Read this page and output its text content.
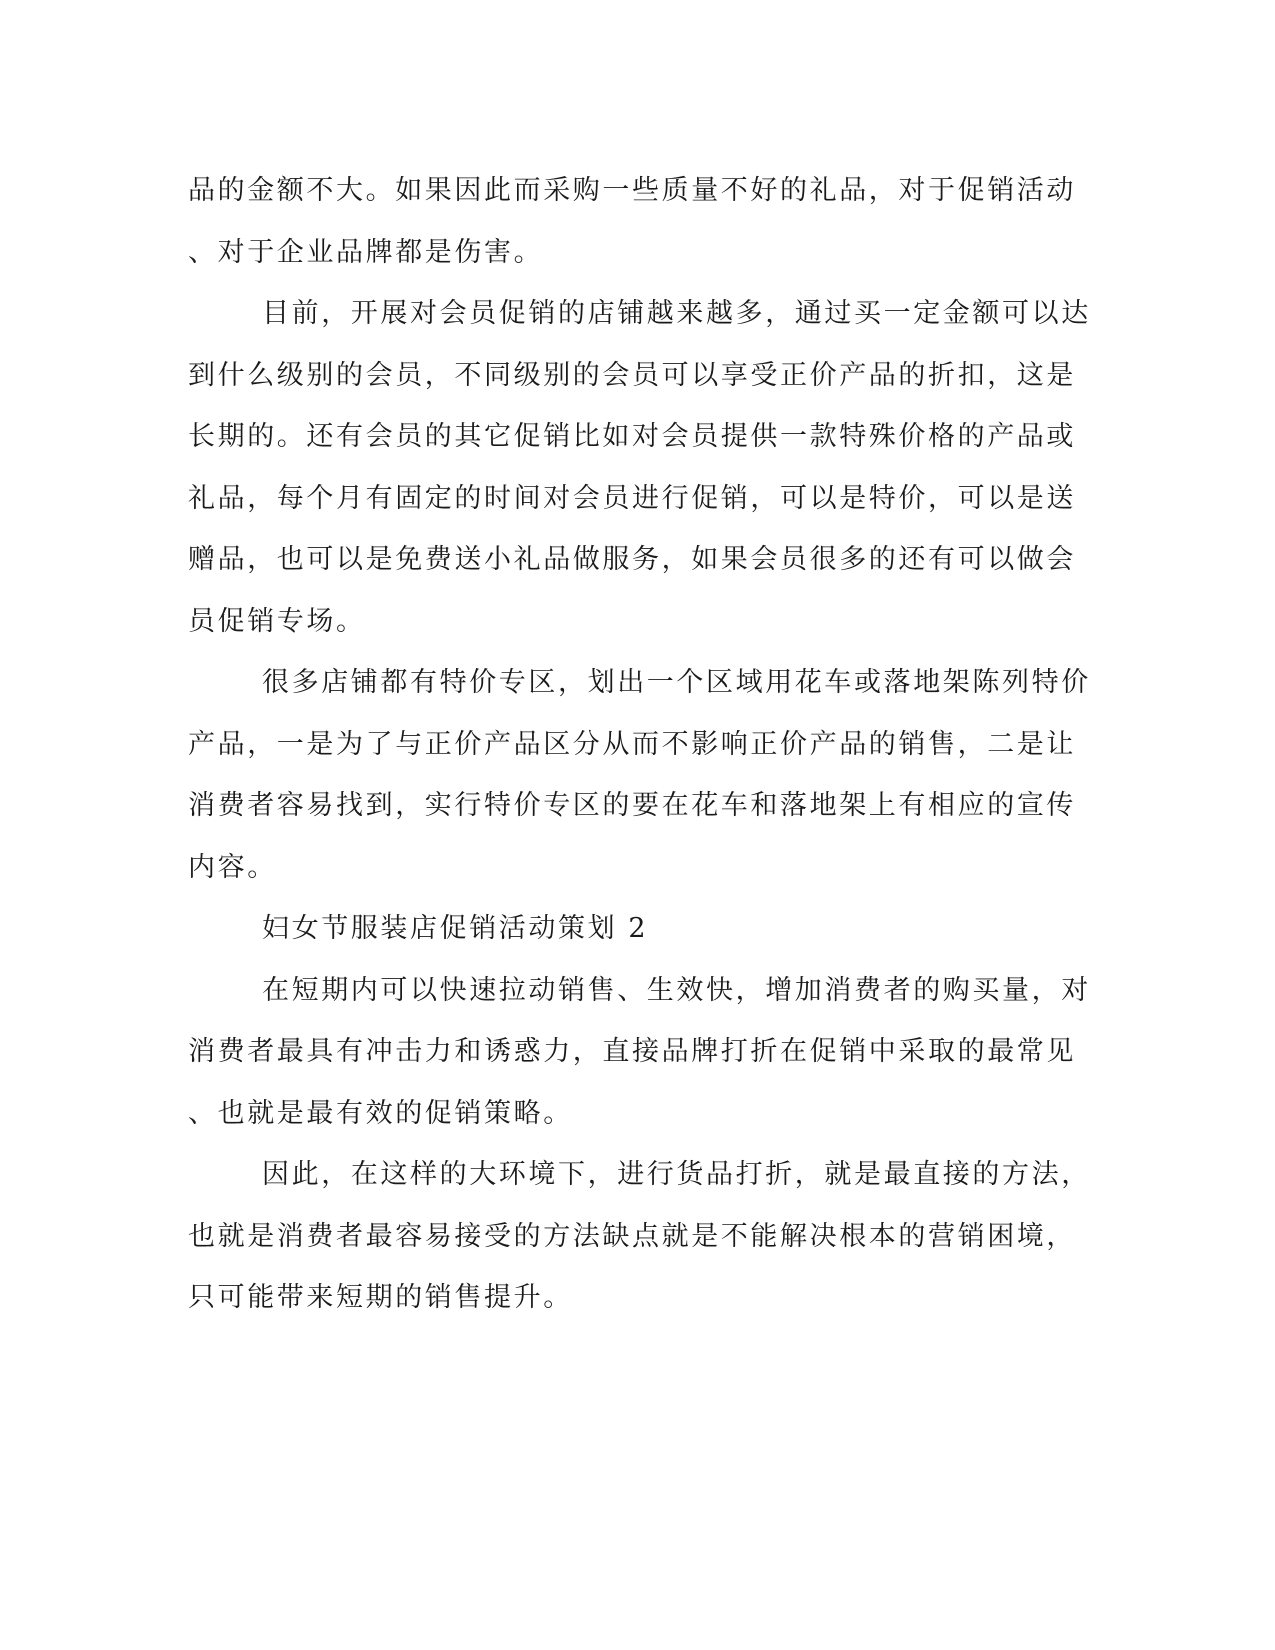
品的金额不大。如果因此而采购一些质量不好的礼品，对于促销活动
、对于企业品牌都是伤害。
目前，开展对会员促销的店铺越来越多，通过买一定金额可以达
到什么级别的会员，不同级别的会员可以享受正价产品的折扣，这是
长期的。还有会员的其它促销比如对会员提供一款特殊价格的产品或
礼品，每个月有固定的时间对会员进行促销，可以是特价，可以是送
赠品，也可以是免费送小礼品做服务，如果会员很多的还有可以做会
员促销专场。
很多店铺都有特价专区，划出一个区域用花车或落地架陈列特价
产品，一是为了与正价产品区分从而不影响正价产品的销售，二是让
消费者容易找到，实行特价专区的要在花车和落地架上有相应的宣传
内容。
妇女节服装店促销活动策划 2
在短期内可以快速拉动销售、生效快，增加消费者的购买量，对
消费者最具有冲击力和诱惑力，直接品牌打折在促销中采取的最常见
、也就是最有效的促销策略。
因此，在这样的大环境下，进行货品打折，就是最直接的方法，
也就是消费者最容易接受的方法缺点就是不能解决根本的营销困境，
只可能带来短期的销售提升。
